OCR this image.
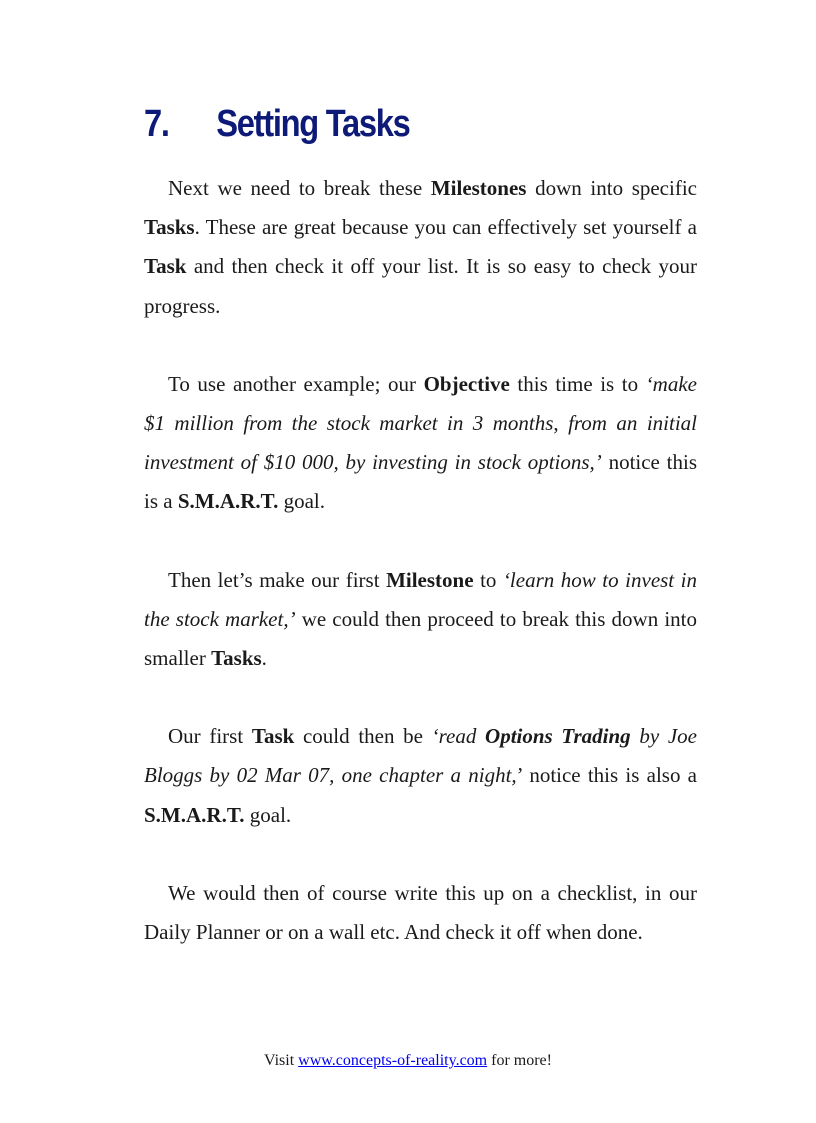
7. Setting Tasks

Next we need to break these Milestones down into specific Tasks. These are great because you can effectively set yourself a Task and then check it off your list. It is so easy to check your progress.

To use another example; our Objective this time is to ‘make $1 million from the stock market in 3 months, from an initial investment of $10 000, by investing in stock options,’ notice this is a S.M.A.R.T. goal.

Then let’s make our first Milestone to ‘learn how to invest in the stock market,’ we could then proceed to break this down into smaller Tasks.

Our first Task could then be ‘read Options Trading by Joe Bloggs by 02 Mar 07, one chapter a night,’ notice this is also a S.M.A.R.T. goal.

We would then of course write this up on a checklist, in our Daily Planner or on a wall etc. And check it off when done.

Visit www.concepts-of-reality.com for more!
